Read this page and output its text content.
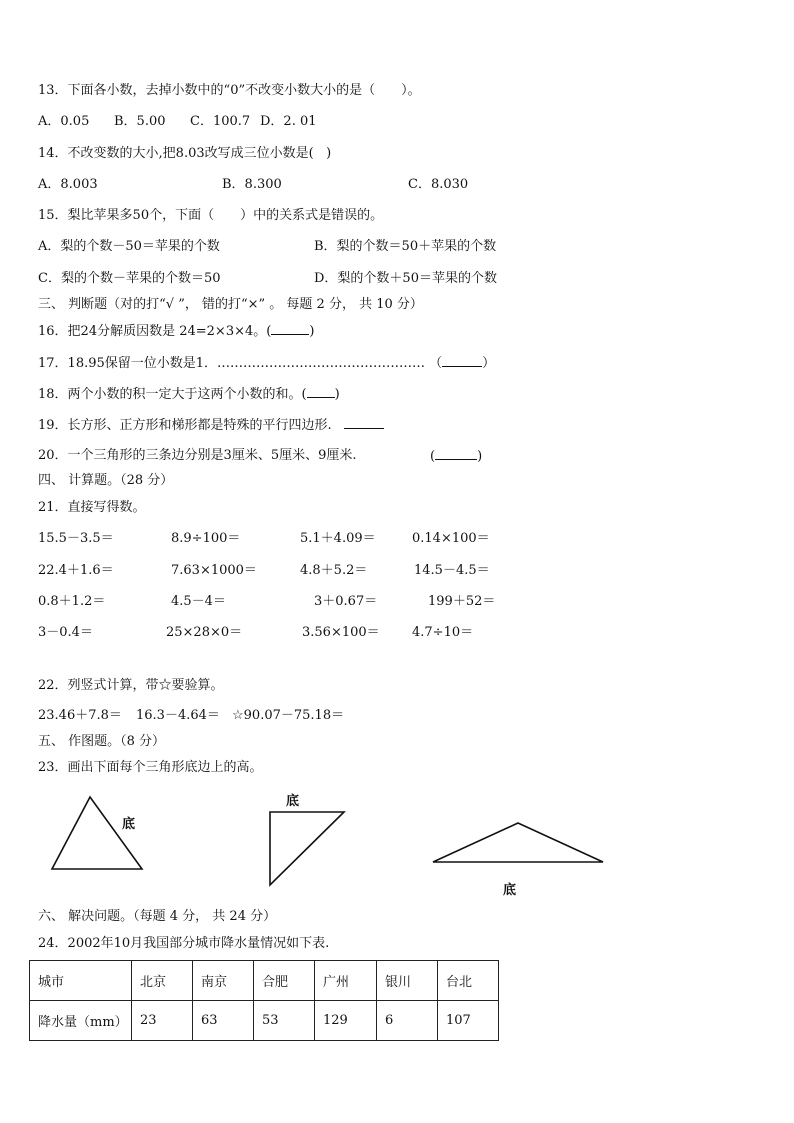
13．下面各小数，去掉小数中的“0”不改变小数大小的是（　　）。
A．0.05 B．5.00 C．100.7 D．2. 01
14．不改变数的大小,把8.03改写成三位小数是(   )
A．8.003	B．8.300	C．8.030
15．梨比苹果多50个，下面（　　）中的关系式是错误的。
A．梨的个数－50＝苹果的个数	B．梨的个数＝50＋苹果的个数
C．梨的个数－苹果的个数＝50	D．梨的个数＋50＝苹果的个数
三、 判断题（对的打“√ ”， 错的打“×” 。 每题 2 分， 共 10 分）
16．把24分解质因数是 24=2×3×4。(	)
17．18.95保留一位小数是1．………………………………………… （	）
18．两个小数的积一定大于这两个小数的和。( )
19．长方形、正方形和梯形都是特殊的平行四边形.
20．一个三角形的三条边分别是3厘米、5厘米、9厘米.	(	)
四、 计算题。（28 分）
21．直接写得数。
15.5－3.5＝	8.9÷100＝	5.1＋4.09＝	0.14×100＝
22.4＋1.6＝	7.63×1000＝	4.8＋5.2＝	14.5－4.5＝
0.8＋1.2＝	4.5－4＝	3＋0.67＝	199＋52＝
3－0.4＝	25×28×0＝	3.56×100＝ 4.7÷10＝
22．列竖式计算，带☆要验算。
23.46＋7.8＝ 16.3－4.64＝ ☆90.07－75.18＝
五、 作图题。（8 分）
23．画出下面每个三角形底边上的高。
底
底
底
六、 解决问题。（每题 4 分， 共 24 分）
24．2002年10月我国部分城市降水量情况如下表.
城市	北京	南京	合肥	广州	银川	台北
降水量（mm）	23	63	53	129	6	107
